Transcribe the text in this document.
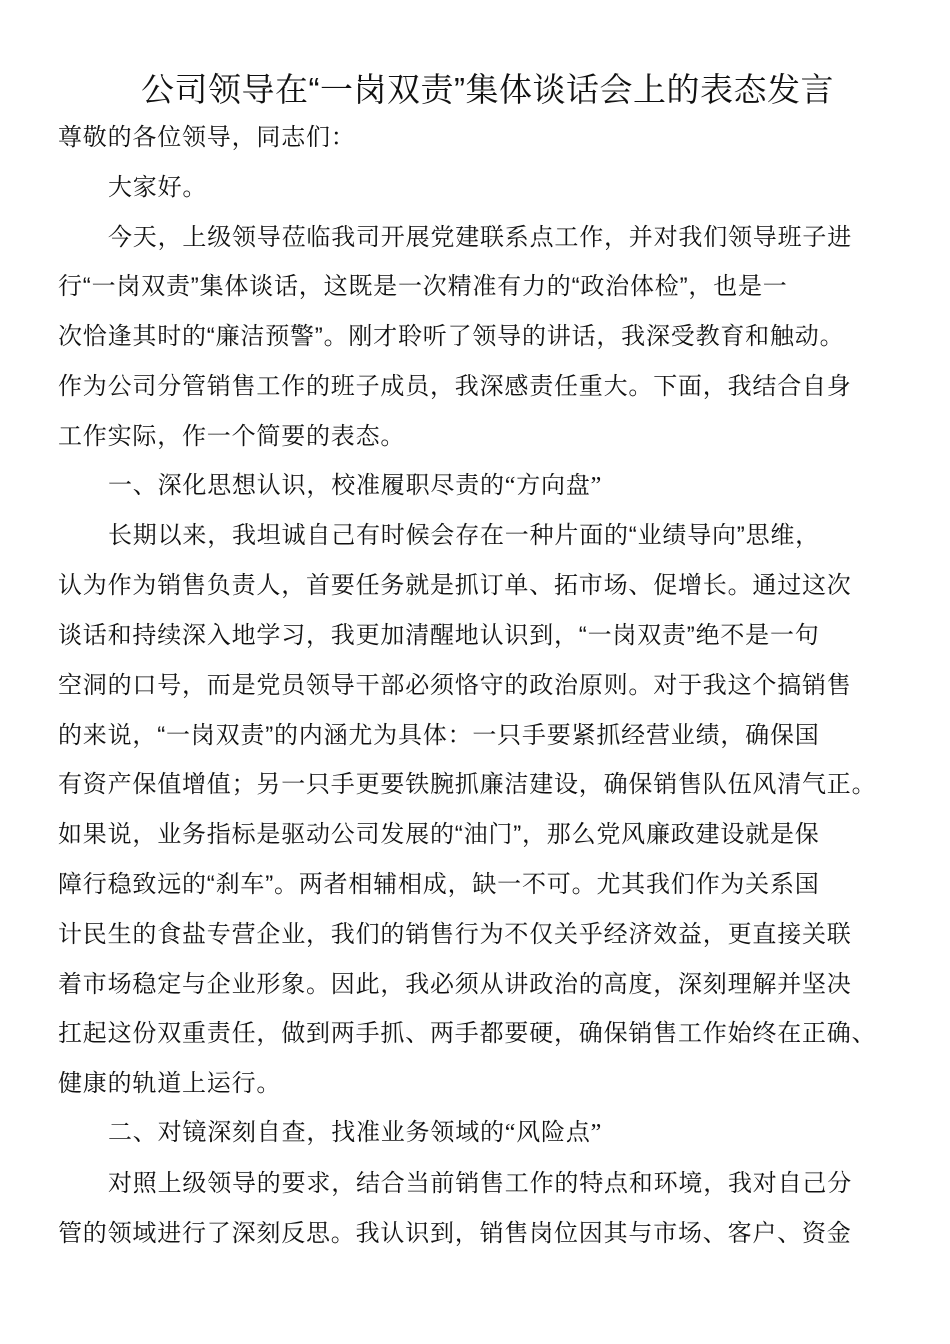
公司领导在“一岗双责”集体谈话会上的表态发言
尊敬的各位领导，同志们：
大家好。
今天，上级领导莅临我司开展党建联系点工作，并对我们领导班子进
行“一岗双责”集体谈话，这既是一次精准有力的“政治体检”，也是一
次恰逢其时的“廉洁预警”。刚才聆听了领导的讲话，我深受教育和触动。
作为公司分管销售工作的班子成员，我深感责任重大。下面，我结合自身
工作实际，作一个简要的表态。
一、深化思想认识，校准履职尽责的“方向盘”
长期以来，我坦诚自己有时候会存在一种片面的“业绩导向”思维，
认为作为销售负责人，首要任务就是抓订单、拓市场、促增长。通过这次
谈话和持续深入地学习，我更加清醒地认识到，“一岗双责”绝不是一句
空洞的口号，而是党员领导干部必须恪守的政治原则。对于我这个搞销售
的来说，“一岗双责”的内涵尤为具体：一只手要紧抓经营业绩，确保国
有资产保值增值；另一只手更要铁腕抓廉洁建设，确保销售队伍风清气正。
如果说，业务指标是驱动公司发展的“油门”，那么党风廉政建设就是保
障行稳致远的“刹车”。两者相辅相成，缺一不可。尤其我们作为关系国
计民生的食盐专营企业，我们的销售行为不仅关乎经济效益，更直接关联
着市场稳定与企业形象。因此，我必须从讲政治的高度，深刻理解并坚决
扛起这份双重责任，做到两手抓、两手都要硬，确保销售工作始终在正确、
健康的轨道上运行。
二、对镜深刻自查，找准业务领域的“风险点”
对照上级领导的要求，结合当前销售工作的特点和环境，我对自己分
管的领域进行了深刻反思。我认识到，销售岗位因其与市场、客户、资金
